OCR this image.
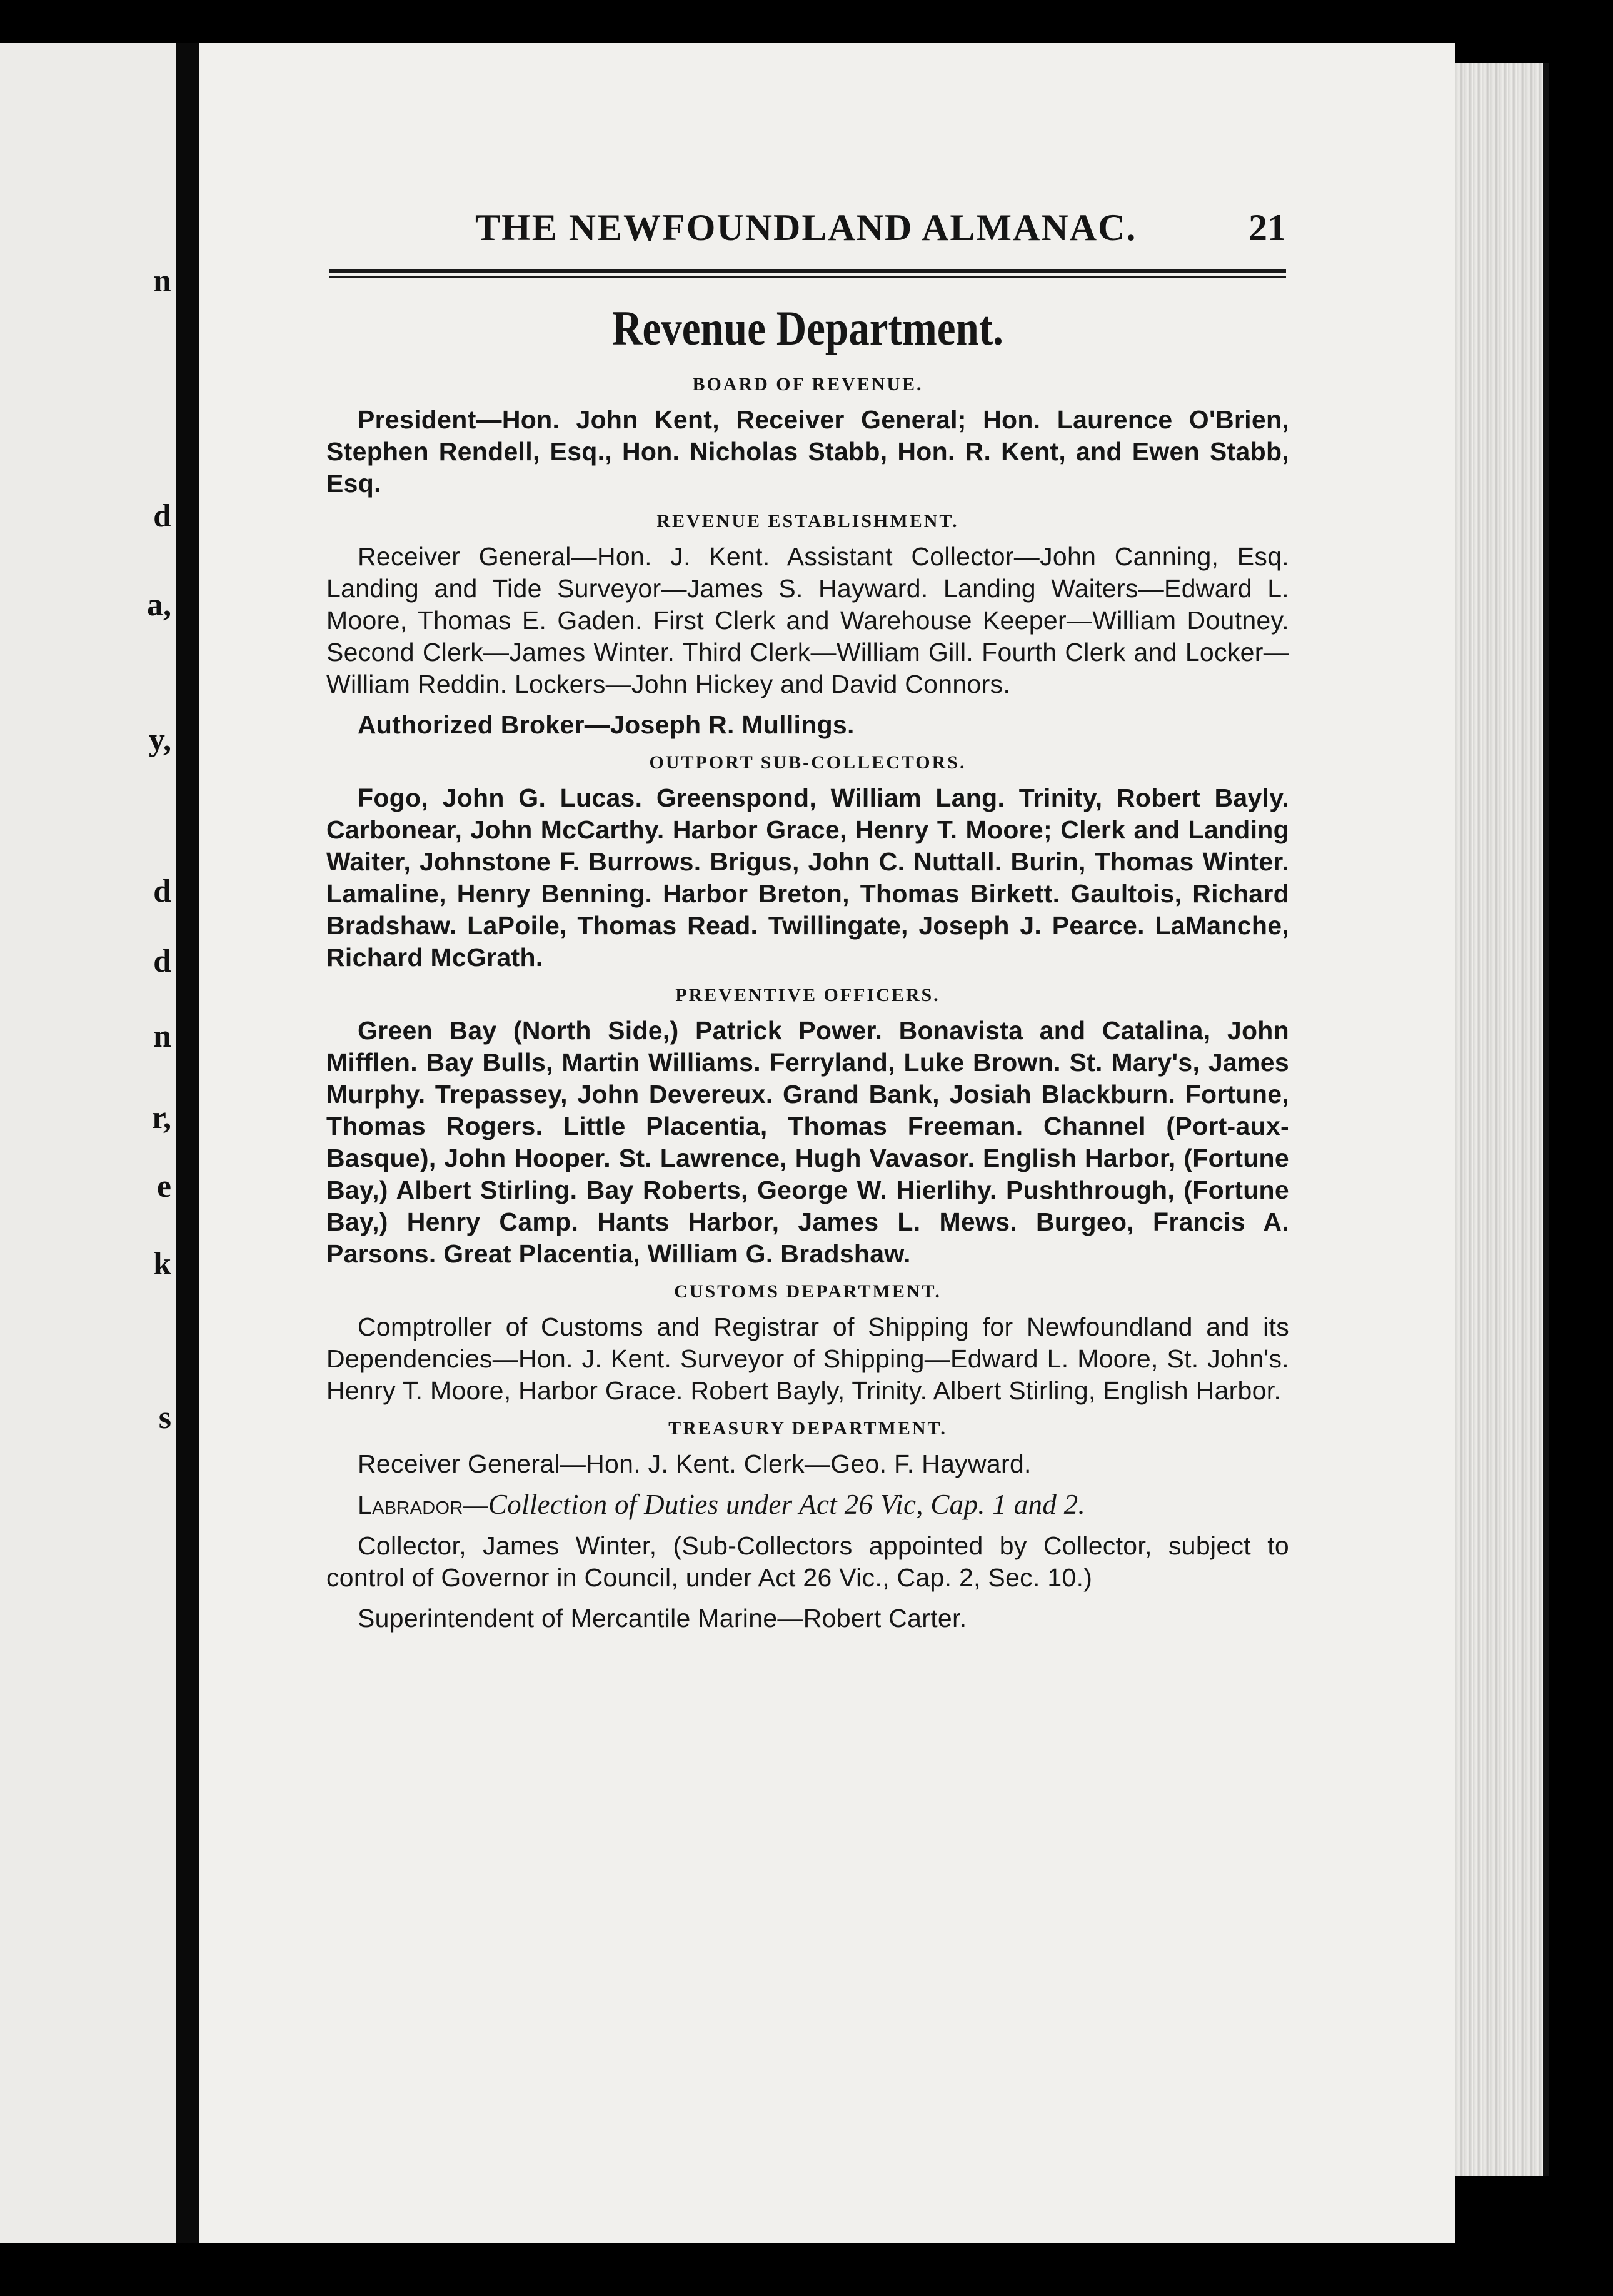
n
d
a,
y,
d
d
n
r,
e
k
s
THE NEWFOUNDLAND ALMANAC.	21
Revenue Department.
BOARD OF REVENUE.

President—Hon. John Kent, Receiver General; Hon. Laurence O'Brien, Stephen Rendell, Esq., Hon. Nicholas Stabb, Hon. R. Kent, and Ewen Stabb, Esq.

REVENUE ESTABLISHMENT.

Receiver General—Hon. J. Kent. Assistant Collector—John Canning, Esq. Landing and Tide Surveyor—James S. Hayward. Landing Waiters—Edward L. Moore, Thomas E. Gaden. First Clerk and Warehouse Keeper—William Doutney. Second Clerk—James Winter. Third Clerk—William Gill. Fourth Clerk and Locker—William Reddin. Lockers—John Hickey and David Connors.

Authorized Broker—Joseph R. Mullings.

OUTPORT SUB-COLLECTORS.

Fogo, John G. Lucas. Greenspond, William Lang. Trinity, Robert Bayly. Carbonear, John McCarthy. Harbor Grace, Henry T. Moore; Clerk and Landing Waiter, Johnstone F. Burrows. Brigus, John C. Nuttall. Burin, Thomas Winter. Lamaline, Henry Benning. Harbor Breton, Thomas Birkett. Gaultois, Richard Bradshaw. LaPoile, Thomas Read. Twillingate, Joseph J. Pearce. LaManche, Richard McGrath.

PREVENTIVE OFFICERS.

Green Bay (North Side,) Patrick Power. Bonavista and Catalina, John Mifflen. Bay Bulls, Martin Williams. Ferryland, Luke Brown. St. Mary's, James Murphy. Trepassey, John Devereux. Grand Bank, Josiah Blackburn. Fortune, Thomas Rogers. Little Placentia, Thomas Freeman. Channel (Port-aux-Basque), John Hooper. St. Lawrence, Hugh Vavasor. English Harbor, (Fortune Bay,) Albert Stirling. Bay Roberts, George W. Hierlihy. Pushthrough, (Fortune Bay,) Henry Camp. Hants Harbor, James L. Mews. Burgeo, Francis A. Parsons. Great Placentia, William G. Bradshaw.

CUSTOMS DEPARTMENT.

Comptroller of Customs and Registrar of Shipping for Newfoundland and its Dependencies—Hon. J. Kent. Surveyor of Shipping—Edward L. Moore, St. John's. Henry T. Moore, Harbor Grace. Robert Bayly, Trinity. Albert Stirling, English Harbor.

TREASURY DEPARTMENT.

Receiver General—Hon. J. Kent. Clerk—Geo. F. Hayward.

Labrador—Collection of Duties under Act 26 Vic, Cap. 1 and 2.

Collector, James Winter, (Sub-Collectors appointed by Collector, subject to control of Governor in Council, under Act 26 Vic., Cap. 2, Sec. 10.)

Superintendent of Mercantile Marine—Robert Carter.
